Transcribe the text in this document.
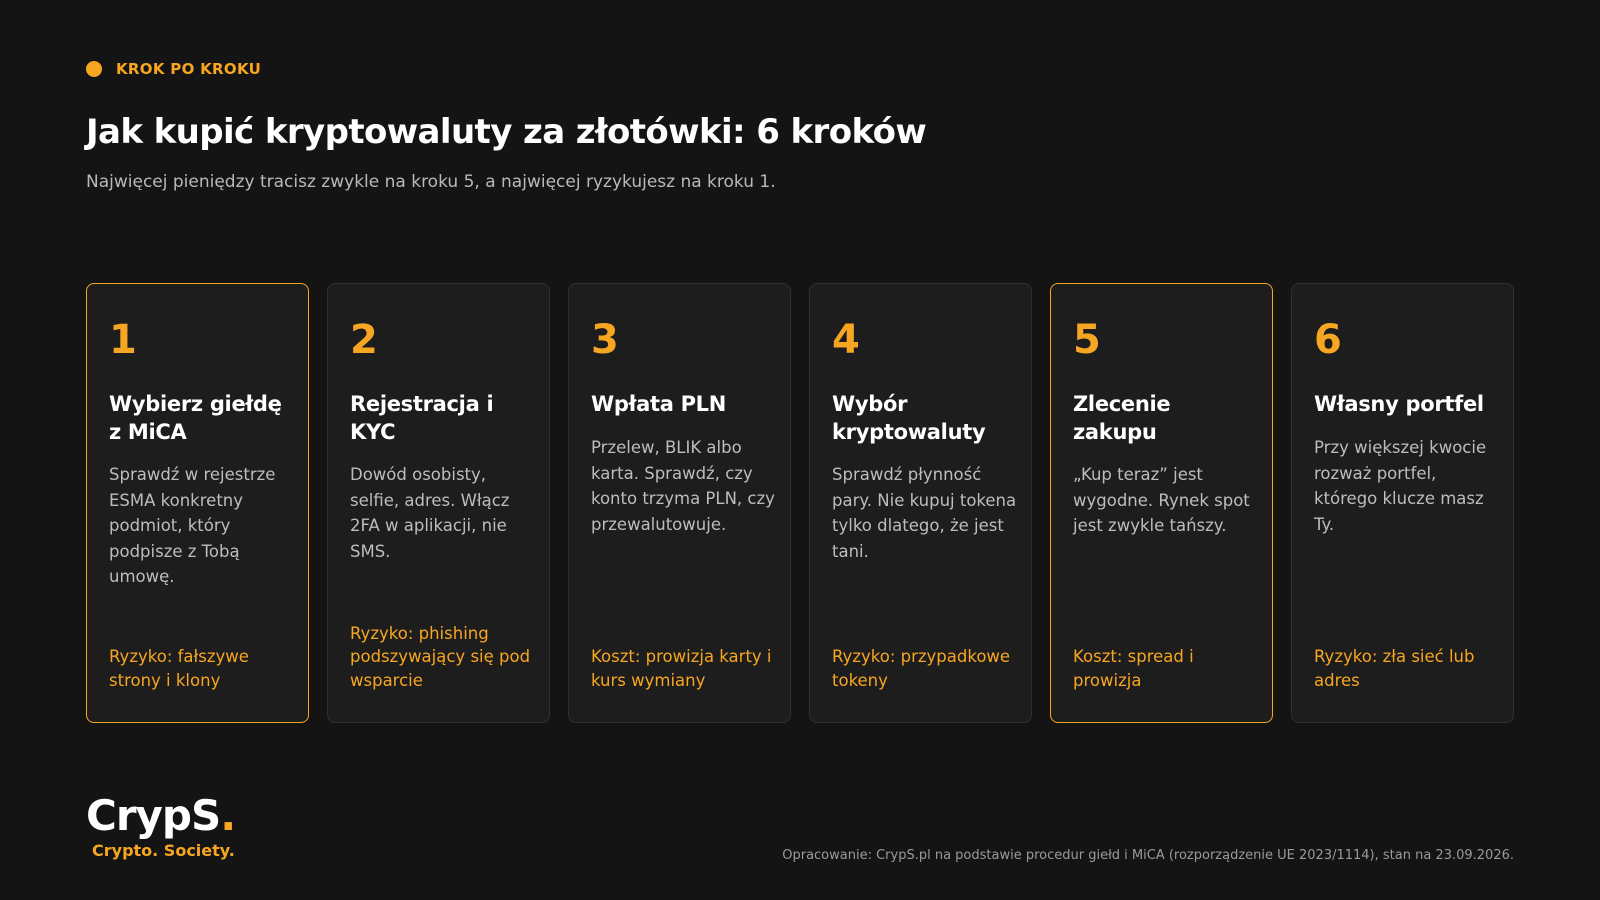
KROK PO KROKU
Jak kupić kryptowaluty za złotówki: 6 kroków

Najwięcej pieniędzy tracisz zwykle na kroku 5, a najwięcej ryzykujesz na kroku 1.

1
Wybierz giełdę z MiCA
Sprawdź w rejestrze ESMA konkretny podmiot, który podpisze z Tobą umowę.
Ryzyko: fałszywe strony i klony
2
Rejestracja i KYC
Dowód osobisty, selfie, adres. Włącz 2FA w aplikacji, nie SMS.
Ryzyko: phishing podszywający się pod wsparcie
3
Wpłata PLN
Przelew, BLIK albo karta. Sprawdź, czy konto trzyma PLN, czy przewalutowuje.
Koszt: prowizja karty i kurs wymiany
4
Wybór kryptowaluty
Sprawdź płynność pary. Nie kupuj tokena tylko dlatego, że jest tani.
Ryzyko: przypadkowe tokeny
5
Zlecenie zakupu
„Kup teraz” jest wygodne. Rynek spot jest zwykle tańszy.
Koszt: spread i prowizja
6
Własny portfel
Przy większej kwocie rozważ portfel, którego klucze masz Ty.
Ryzyko: zła sieć lub adres
CrypS.
Crypto. Society.	Opracowanie: CrypS.pl na podstawie procedur giełd i MiCA (rozporządzenie UE 2023/1114), stan na 23.09.2026.
